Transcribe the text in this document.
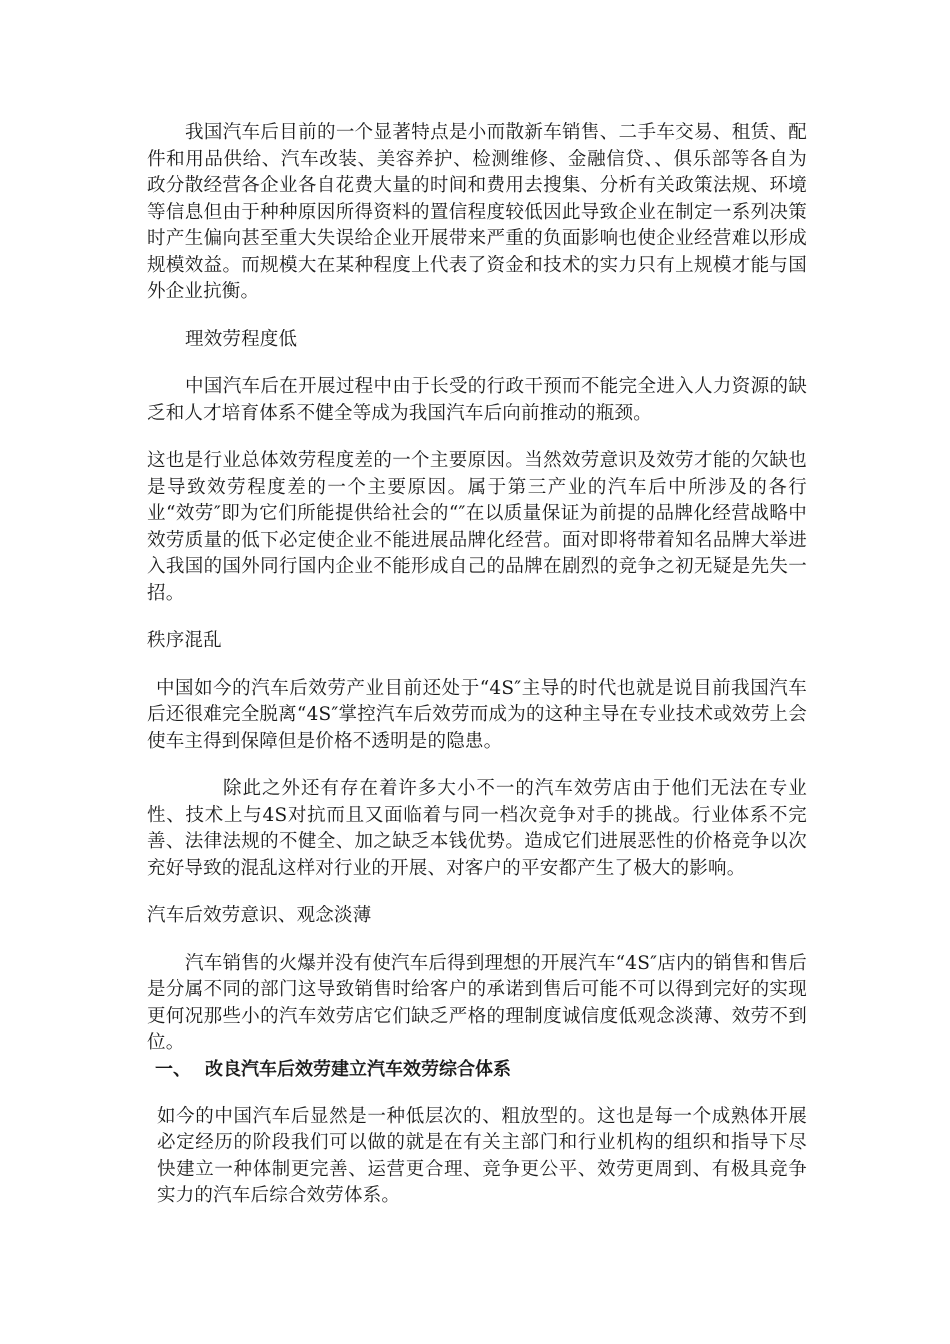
我国汽车后目前的一个显著特点是小而散新车销售、二手车交易、租赁、配件和用品供给、汽车改装、美容养护、检测维修、金融信贷、、俱乐部等各自为政分散经营各企业各自花费大量的时间和费用去搜集、分析有关政策法规、环境等信息但由于种种原因所得资料的置信程度较低因此导致企业在制定一系列决策时产生偏向甚至重大失误给企业开展带来严重的负面影响也使企业经营难以形成规模效益。而规模大在某种程度上代表了资金和技术的实力只有上规模才能与国外企业抗衡。

理效劳程度低

中国汽车后在开展过程中由于长受的行政干预而不能完全进入人力资源的缺乏和人才培育体系不健全等成为我国汽车后向前推动的瓶颈。

这也是行业总体效劳程度差的一个主要原因。当然效劳意识及效劳才能的欠缺也是导致效劳程度差的一个主要原因。属于第三产业的汽车后中所涉及的各行业“效劳″即为它们所能提供给社会的“″在以质量保证为前提的品牌化经营战略中效劳质量的低下必定使企业不能进展品牌化经营。面对即将带着知名品牌大举进入我国的国外同行国内企业不能形成自己的品牌在剧烈的竞争之初无疑是先失一招。

秩序混乱

中国如今的汽车后效劳产业目前还处于“4S″主导的时代也就是说目前我国汽车后还很难完全脱离“4S″掌控汽车后效劳而成为的这种主导在专业技术或效劳上会使车主得到保障但是价格不透明是的隐患。

除此之外还有存在着许多大小不一的汽车效劳店由于他们无法在专业性、技术上与4S对抗而且又面临着与同一档次竞争对手的挑战。行业体系不完善、法律法规的不健全、加之缺乏本钱优势。造成它们进展恶性的价格竞争以次充好导致的混乱这样对行业的开展、对客户的平安都产生了极大的影响。

汽车后效劳意识、观念淡薄

汽车销售的火爆并没有使汽车后得到理想的开展汽车“4S″店内的销售和售后是分属不同的部门这导致销售时给客户的承诺到售后可能不可以得到完好的实现更何况那些小的汽车效劳店它们缺乏严格的理制度诚信度低观念淡薄、效劳不到位。

一、 改良汽车后效劳建立汽车效劳综合体系

如今的中国汽车后显然是一种低层次的、粗放型的。这也是每一个成熟体开展必定经历的阶段我们可以做的就是在有关主部门和行业机构的组织和指导下尽快建立一种体制更完善、运营更合理、竞争更公平、效劳更周到、有极具竞争实力的汽车后综合效劳体系。
